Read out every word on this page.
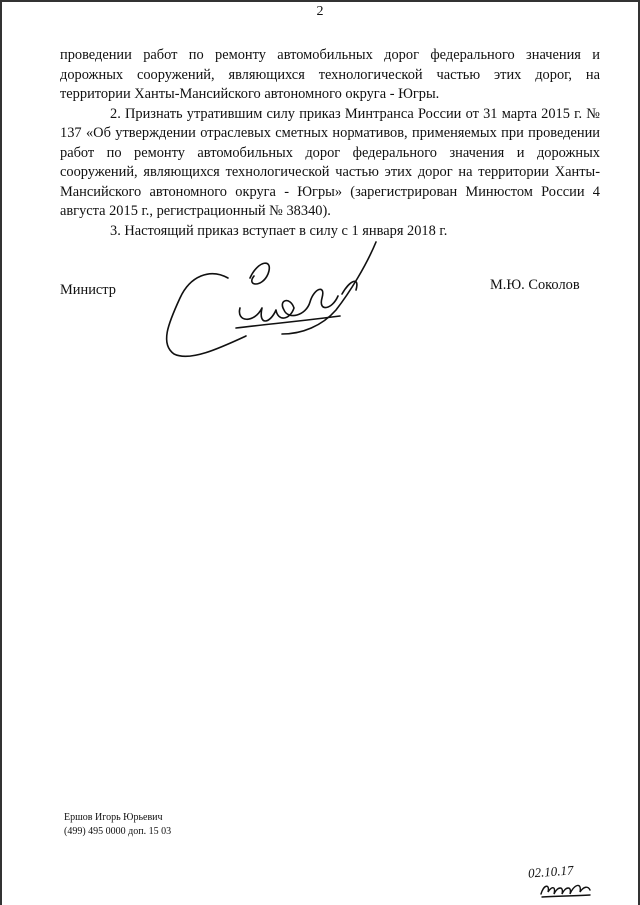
2

проведении работ по ремонту автомобильных дорог федерального значения и дорожных сооружений, являющихся технологической частью этих дорог, на территории Ханты-Мансийского автономного округа - Югры.

2. Признать утратившим силу приказ Минтранса России от 31 марта 2015 г. № 137 «Об утверждении отраслевых сметных нормативов, применяемых при проведении работ по ремонту автомобильных дорог федерального значения и дорожных сооружений, являющихся технологической частью этих дорог на территории Ханты-Мансийского автономного округа - Югры» (зарегистрирован Минюстом России 4 августа 2015 г., регистрационный № 38340).

3. Настоящий приказ вступает в силу с 1 января 2018 г.

Министр	М.Ю. Соколов
Ершов Игорь Юрьевич
(499) 495 0000 доп. 15 03
02.10.17
